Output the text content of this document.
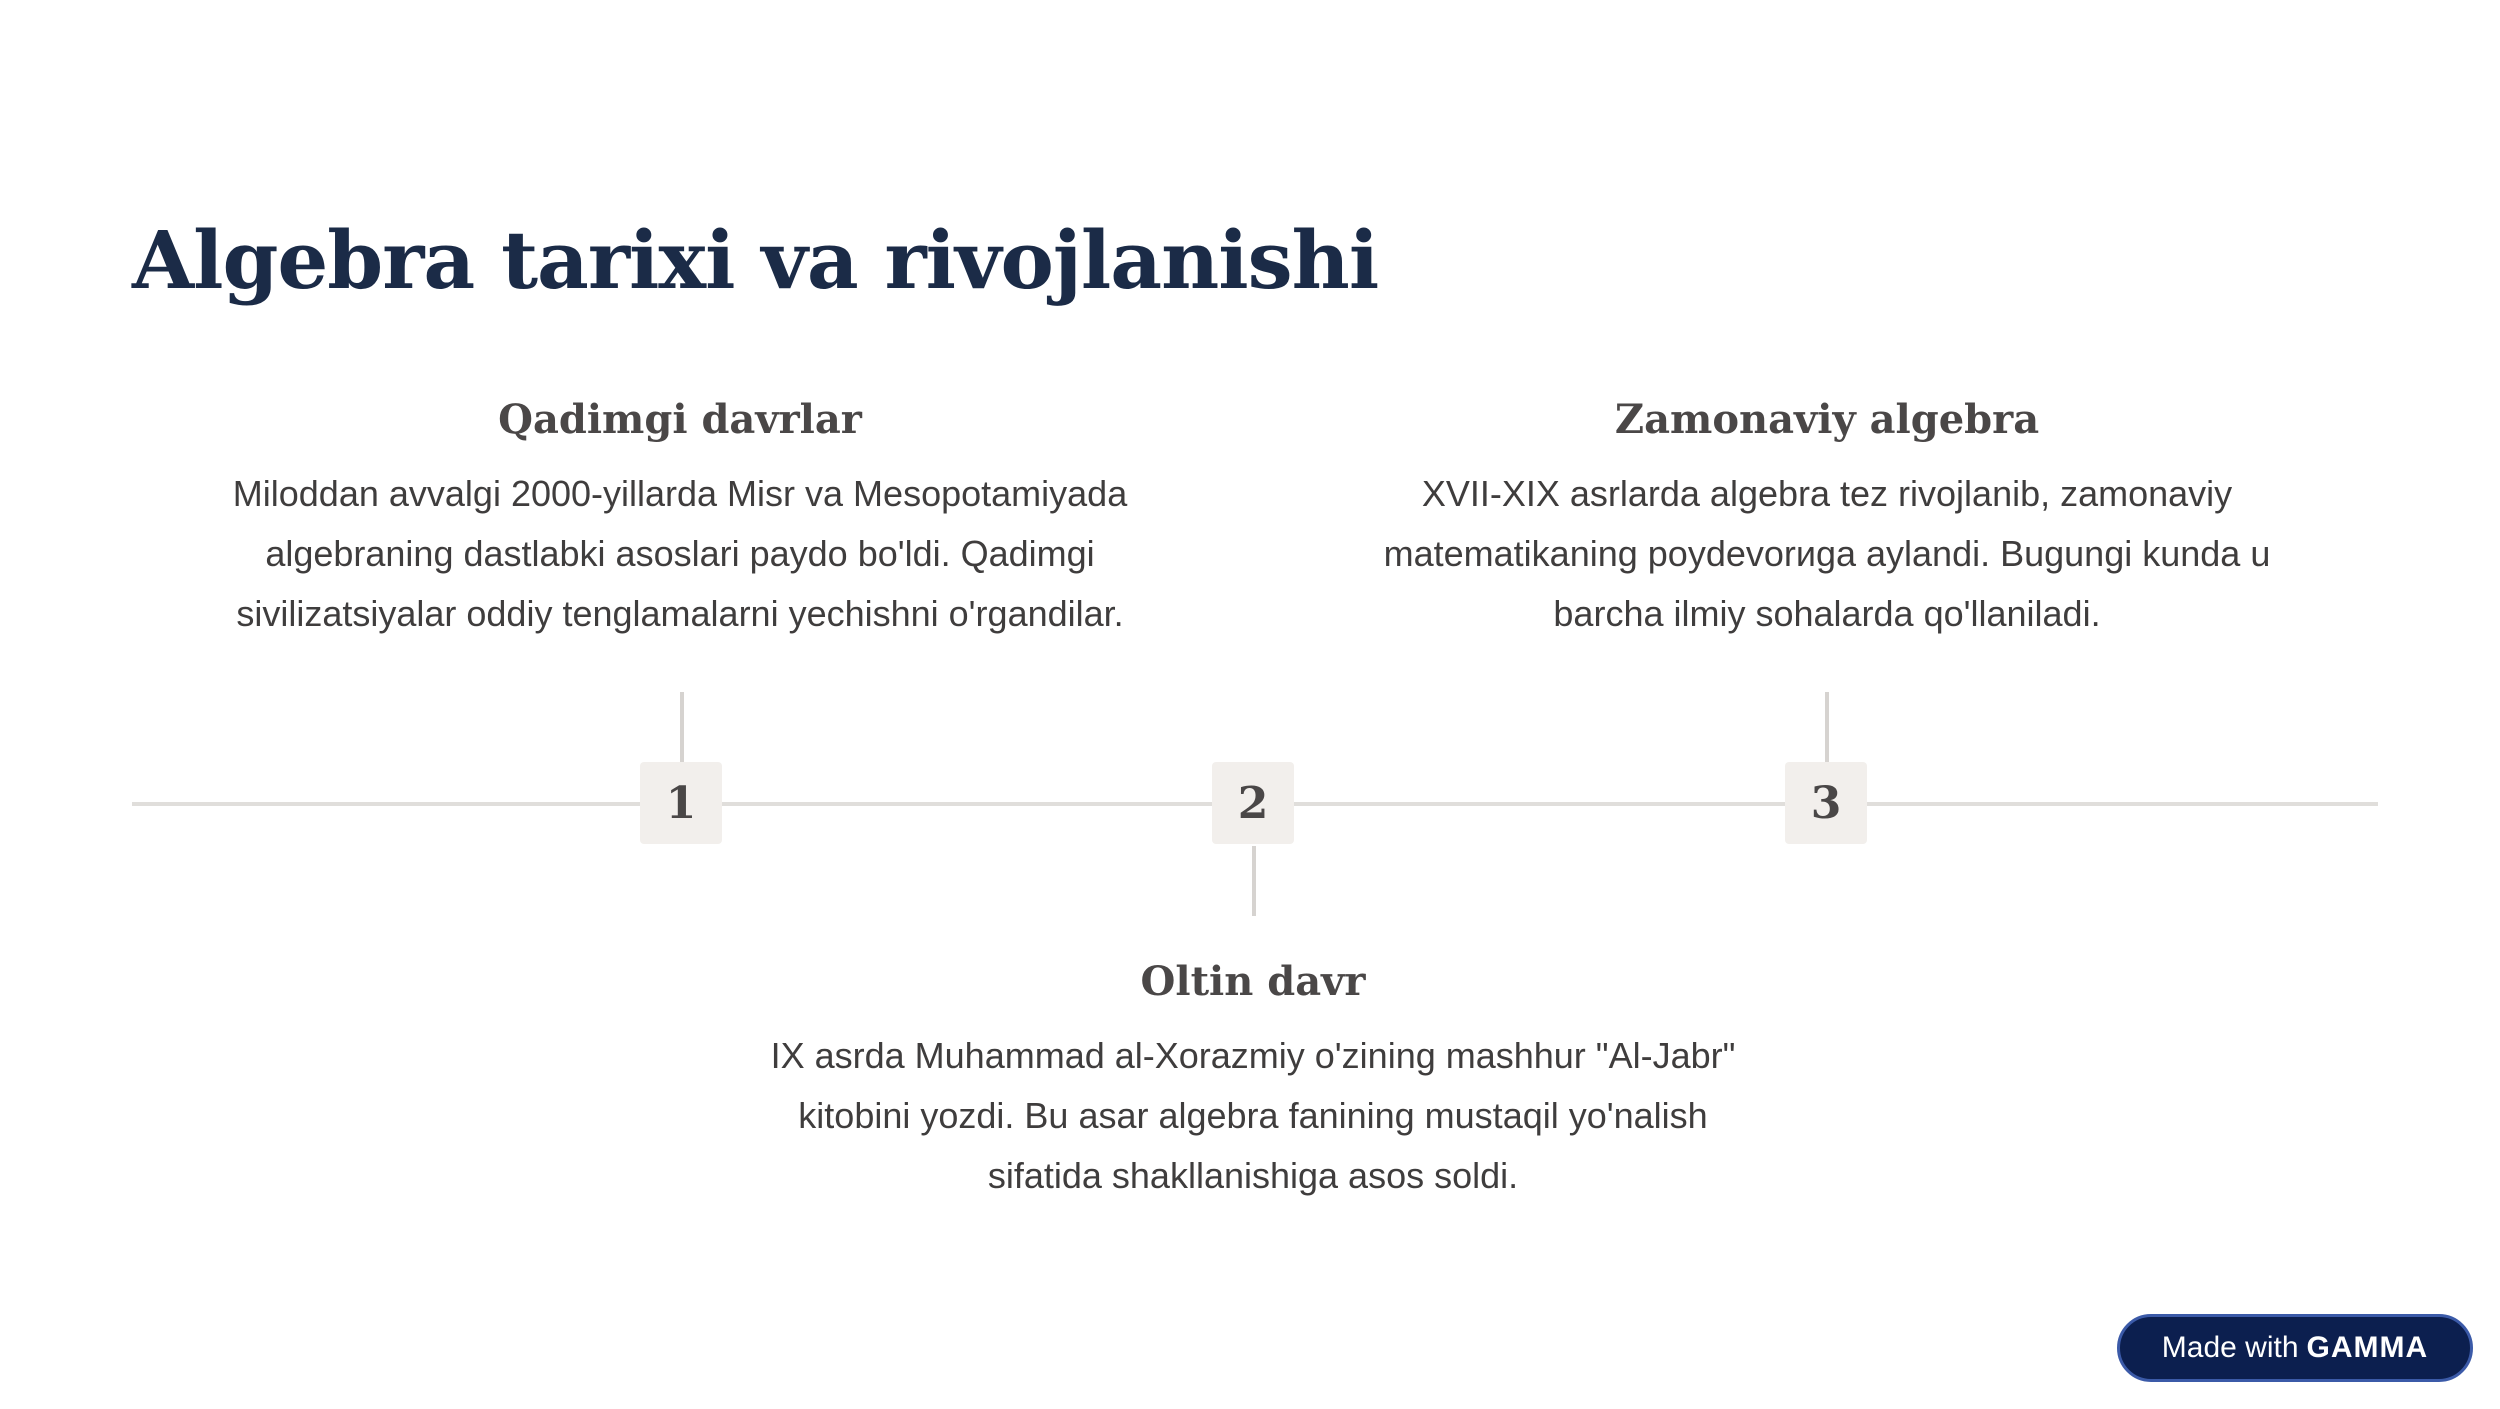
Algebra tarixi va rivojlanishi
1	2	3
Qadimgi davrlar

Miloddan avvalgi 2000-yillarda Misr va Mesopotamiyada algebraning dastlabki asoslari paydo bo'ldi. Qadimgi sivilizatsiyalar oddiy tenglamalarni yechishni o'rgandilar.

Oltin davr

IX asrda Muhammad al-Xorazmiy o'zining mashhur "Al-Jabr" kitobini yozdi. Bu asar algebra fanining mustaqil yo'nalish sifatida shakllanishiga asos soldi.

Zamonaviy algebra

XVII-XIX asrlarda algebra tez rivojlanib, zamonaviy matematikaning poydevorиga aylandi. Bugungi kunda u barcha ilmiy sohalarda qo'llaniladi.

Made with GAMMA
